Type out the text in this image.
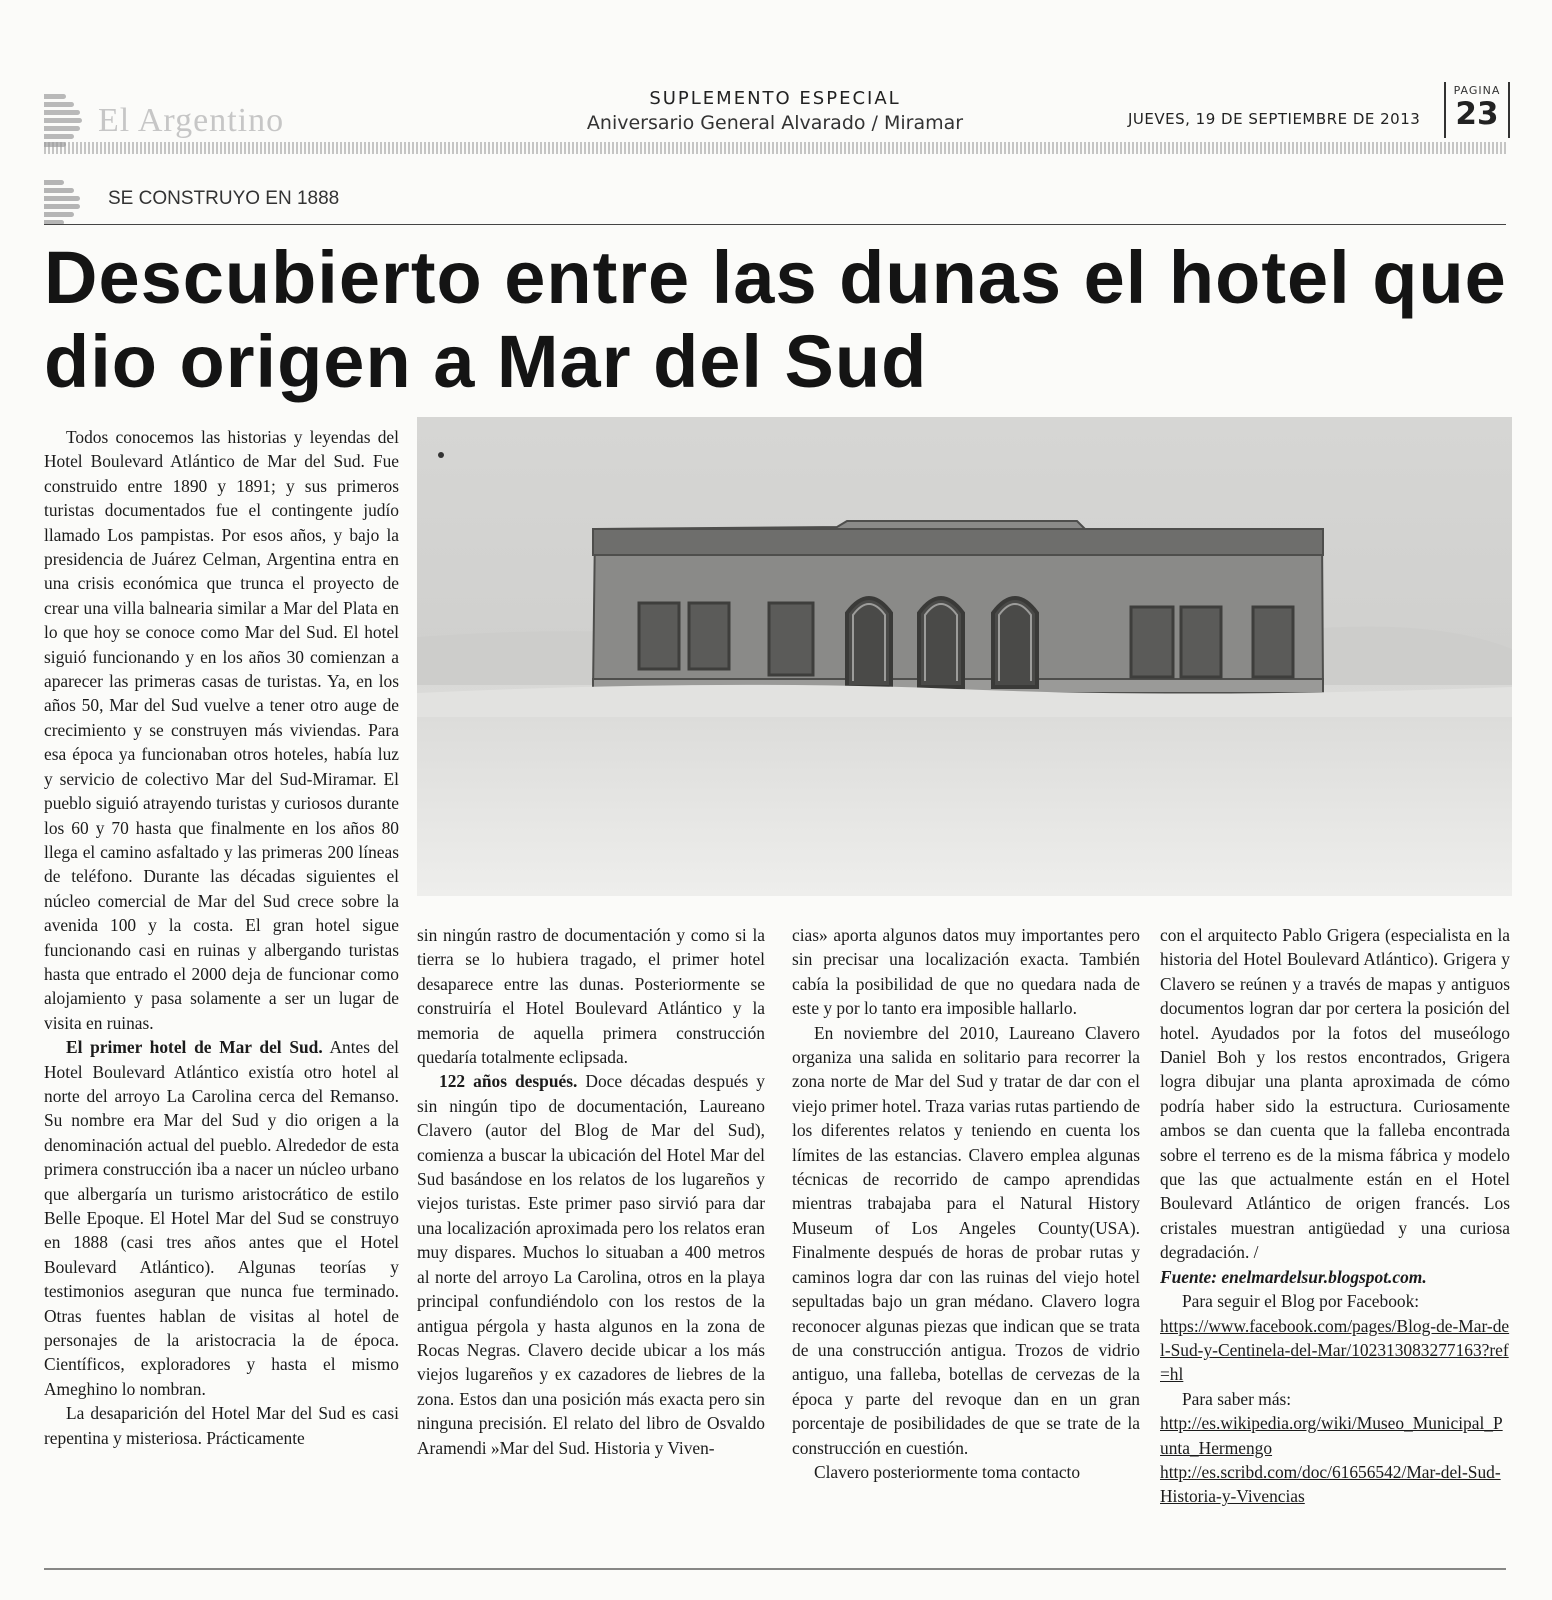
El Argentino
SUPLEMENTO ESPECIAL
Aniversario General Alvarado / Miramar	JUEVES, 19 DE SEPTIEMBRE DE 2013
PAGINA
23
SE CONSTRUYO EN 1888
Descubierto entre las dunas el hotel que dio origen a Mar del Sud

Todos conocemos las historias y leyendas del Hotel Boulevard Atlántico de Mar del Sud. Fue construido entre 1890 y 1891; y sus primeros turistas documentados fue el contingente judío llamado Los pampistas. Por esos años, y bajo la presidencia de Juárez Celman, Argentina entra en una crisis económica que trunca el proyecto de crear una villa balnearia similar a Mar del Plata en lo que hoy se conoce como Mar del Sud. El hotel siguió funcionando y en los años 30 comienzan a aparecer las primeras casas de turistas. Ya, en los años 50, Mar del Sud vuelve a tener otro auge de crecimiento y se construyen más viviendas. Para esa época ya funcionaban otros hoteles, había luz y servicio de colectivo Mar del Sud-Miramar. El pueblo siguió atrayendo turistas y curiosos durante los 60 y 70 hasta que finalmente en los años 80 llega el camino asfaltado y las primeras 200 líneas de teléfono. Durante las décadas siguientes el núcleo comercial de Mar del Sud crece sobre la avenida 100 y la costa. El gran hotel sigue funcionando casi en ruinas y albergando turistas hasta que entrado el 2000 deja de funcionar como alojamiento y pasa solamente a ser un lugar de visita en ruinas.

El primer hotel de Mar del Sud. Antes del Hotel Boulevard Atlántico existía otro hotel al norte del arroyo La Carolina cerca del Remanso. Su nombre era Mar del Sud y dio origen a la denominación actual del pueblo. Alrededor de esta primera construcción iba a nacer un núcleo urbano que albergaría un turismo aristocrático de estilo Belle Epoque. El Hotel Mar del Sud se construyo en 1888 (casi tres años antes que el Hotel Boulevard Atlántico). Algunas teorías y testimonios aseguran que nunca fue terminado. Otras fuentes hablan de visitas al hotel de personajes de la aristocracia la de época. Científicos, exploradores y hasta el mismo Ameghino lo nombran.

La desaparición del Hotel Mar del Sud es casi repentina y misteriosa. Prácticamente

sin ningún rastro de documentación y como si la tierra se lo hubiera tragado, el primer hotel desaparece entre las dunas. Posteriormente se construiría el Hotel Boulevard Atlántico y la memoria de aquella primera construcción quedaría totalmente eclipsada.

122 años después. Doce décadas después y sin ningún tipo de documentación, Laureano Clavero (autor del Blog de Mar del Sud), comienza a buscar la ubicación del Hotel Mar del Sud basándose en los relatos de los lugareños y viejos turistas. Este primer paso sirvió para dar una localización aproximada pero los relatos eran muy dispares. Muchos lo situaban a 400 metros al norte del arroyo La Carolina, otros en la playa principal confundiéndolo con los restos de la antigua pérgola y hasta algunos en la zona de Rocas Negras. Clavero decide ubicar a los más viejos lugareños y ex cazadores de liebres de la zona. Estos dan una posición más exacta pero sin ninguna precisión. El relato del libro de Osvaldo Aramendi »Mar del Sud. Historia y Viven-

cias» aporta algunos datos muy importantes pero sin precisar una localización exacta. También cabía la posibilidad de que no quedara nada de este y por lo tanto era imposible hallarlo.

En noviembre del 2010, Laureano Clavero organiza una salida en solitario para recorrer la zona norte de Mar del Sud y tratar de dar con el viejo primer hotel. Traza varias rutas partiendo de los diferentes relatos y teniendo en cuenta los límites de las estancias. Clavero emplea algunas técnicas de recorrido de campo aprendidas mientras trabajaba para el Natural History Museum of Los Angeles County(USA). Finalmente después de horas de probar rutas y caminos logra dar con las ruinas del viejo hotel sepultadas bajo un gran médano. Clavero logra reconocer algunas piezas que indican que se trata de una construcción antigua. Trozos de vidrio antiguo, una falleba, botellas de cervezas de la época y parte del revoque dan en un gran porcentaje de posibilidades de que se trate de la construcción en cuestión.

Clavero posteriormente toma contacto

con el arquitecto Pablo Grigera (especialista en la historia del Hotel Boulevard Atlántico). Grigera y Clavero se reúnen y a través de mapas y antiguos documentos logran dar por certera la posición del hotel. Ayudados por la fotos del museólogo Daniel Boh y los restos encontrados, Grigera logra dibujar una planta aproximada de cómo podría haber sido la estructura. Curiosamente ambos se dan cuenta que la falleba encontrada sobre el terreno es de la misma fábrica y modelo que las que actualmente están en el Hotel Boulevard Atlántico de origen francés. Los cristales muestran antigüedad y una curiosa degradación. /

Fuente: enelmardelsur.blogspot.com.

Para seguir el Blog por Facebook:

https://www.facebook.com/pages/Blog-de-Mar-del-Sud-y-Centinela-del-Mar/102313083277163?ref=hl

Para saber más:

http://es.wikipedia.org/wiki/Museo_Municipal_Punta_Hermengo
http://es.scribd.com/doc/61656542/Mar-del-Sud-Historia-y-Vivencias
